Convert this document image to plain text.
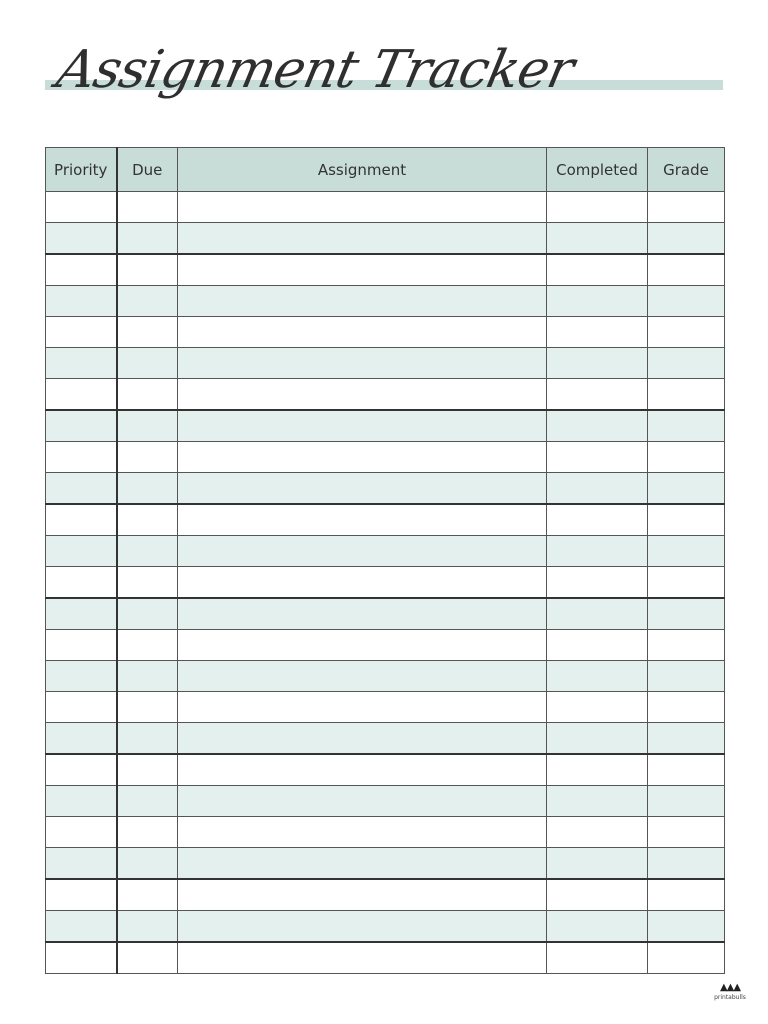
Assignment Tracker
Priority	Due	Assignment	Completed	Grade

▲▲▲
printabulls
